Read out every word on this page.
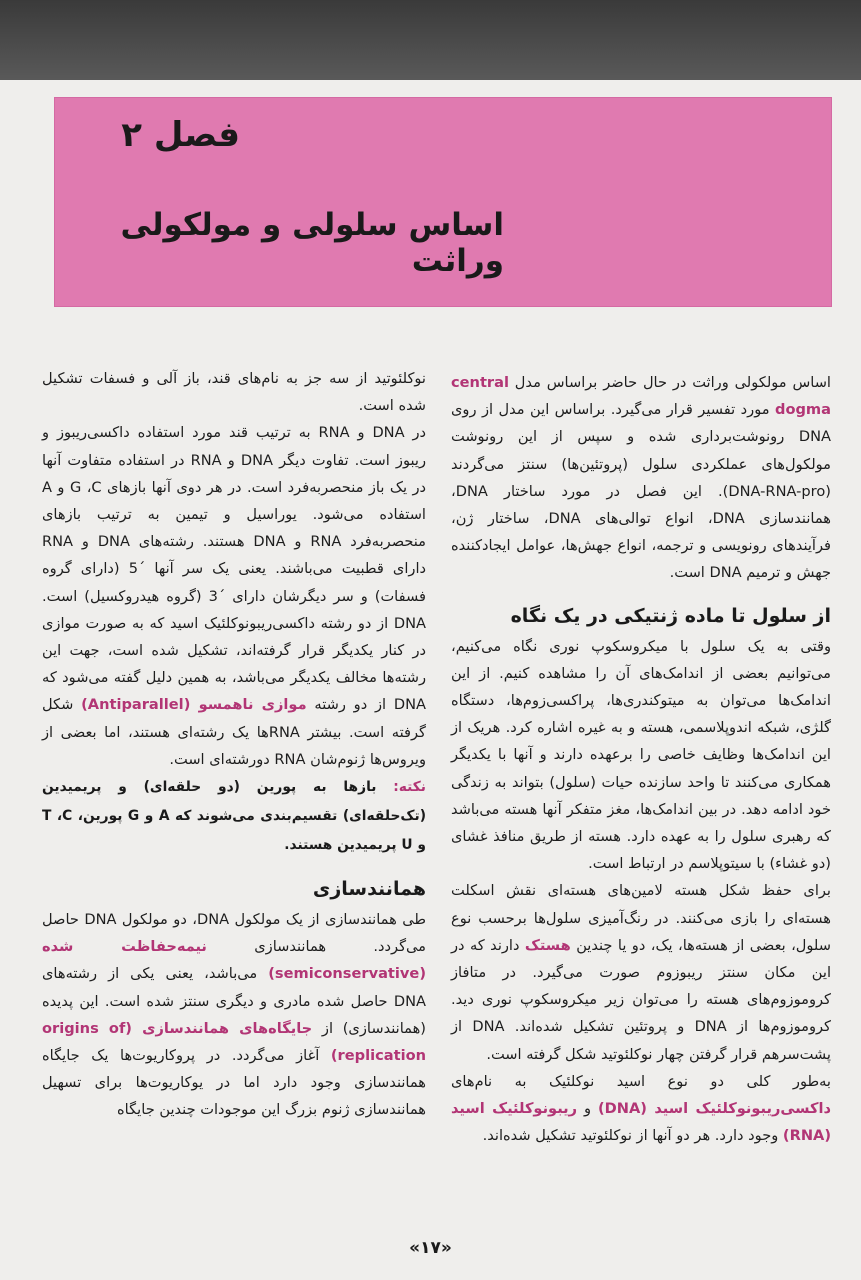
فصل ۲
اساس سلولی و مولکولی وراثت

اساس مولکولی وراثت در حال حاضر براساس مدل central dogma مورد تفسیر قرار می‌گیرد. براساس این مدل از روی DNA رونوشت‌برداری شده و سپس از این رونوشت مولکول‌های عملکردی سلول (پروتئین‌ها) سنتز می‌گردند (DNA-RNA-pro). این فصل در مورد ساختار DNA، همانندسازی DNA، انواع توالی‌های DNA، ساختار ژن، فرآیندهای رونویسی و ترجمه، انواع جهش‌ها، عوامل ایجادکننده جهش و ترمیم DNA است.

از سلول تا ماده ژنتیکی در یک نگاه

وقتی به یک سلول با میکروسکوپ نوری نگاه می‌کنیم، می‌توانیم بعضی از اندامک‌های آن را مشاهده کنیم. از این اندامک‌ها می‌توان به میتوکندری‌ها، پراکسی‌زوم‌ها، دستگاه گلژی، شبکه اندوپلاسمی، هسته و به غیره اشاره کرد. هریک از این اندامک‌ها وظایف خاصی را برعهده دارند و آنها با یکدیگر همکاری می‌کنند تا واحد سازنده حیات (سلول) بتواند به زندگی خود ادامه دهد. در بین اندامک‌ها، مغز متفکر آنها هسته می‌باشد که رهبری سلول را به عهده دارد. هسته از طریق منافذ غشای (دو غشاء) با سیتوپلاسم در ارتباط است.

برای حفظ شکل هسته لامین‌های هسته‌ای نقش اسکلت هسته‌ای را بازی می‌کنند. در رنگ‌آمیزی سلول‌ها برحسب نوع سلول، بعضی از هسته‌ها، یک، دو یا چندین هستک دارند که در این مکان سنتز ریبوزوم صورت می‌گیرد. در متافاز کروموزوم‌های هسته را می‌توان زیر میکروسکوپ نوری دید. کروموزوم‌ها از DNA و پروتئین تشکیل شده‌اند. DNA از پشت‌سرهم قرار گرفتن چهار نوکلئوتید شکل گرفته است.

به‌طور کلی دو نوع اسید نوکلئیک به نام‌های داکسی‌ریبونوکلئیک اسید (DNA) و ریبونوکلئیک اسید (RNA) وجود دارد. هر دو آنها از نوکلئوتید تشکیل شده‌اند.

نوکلئوتید از سه جز به نام‌های قند، باز آلی و فسفات تشکیل شده است.

در DNA و RNA به ترتیب قند مورد استفاده داکسی‌ریبوز و ریبوز است. تفاوت دیگر DNA و RNA در استفاده متفاوت آنها در یک باز منحصربه‌فرد است. در هر دوی آنها بازهای G ،C و A استفاده می‌شود. یوراسیل و تیمین به ترتیب بازهای منحصربه‌فرد RNA و DNA هستند. رشته‌های DNA و RNA دارای قطبیت می‌باشند. یعنی یک سر آنها ´5 (دارای گروه فسفات) و سر دیگرشان دارای ´3 (گروه هیدروکسیل) است. DNA از دو رشته داکسی‌ریبونوکلئیک اسید که به صورت موازی در کنار یکدیگر قرار گرفته‌اند، تشکیل شده است، جهت این رشته‌ها مخالف یکدیگر می‌باشد، به همین دلیل گفته می‌شود که DNA از دو رشته موازی ناهمسو (Antiparallel) شکل گرفته است. بیشتر RNAها یک رشته‌ای هستند، اما بعضی از ویروس‌ها ژنوم‌شان RNA دورشته‌ای است.

نکته: بازها به پورین (دو حلقه‌ای) و پریمیدین (تک‌حلقه‌ای) تقسیم‌بندی می‌شوند که A و G پورین، T ،C و U پریمیدین هستند.

همانندسازی

طی همانندسازی از یک مولکول DNA، دو مولکول DNA حاصل می‌گردد. همانندسازی نیمه‌حفاظت شده (semiconservative) می‌باشد، یعنی یکی از رشته‌های DNA حاصل شده مادری و دیگری سنتز شده است. این پدیده (همانندسازی) از جایگاه‌های همانندسازی (origins of replication) آغاز می‌گردد. در پروکاریوت‌ها یک جایگاه همانندسازی وجود دارد اما در یوکاریوت‌ها برای تسهیل همانندسازی ژنوم بزرگ این موجودات چندین جایگاه

«۱۷»
